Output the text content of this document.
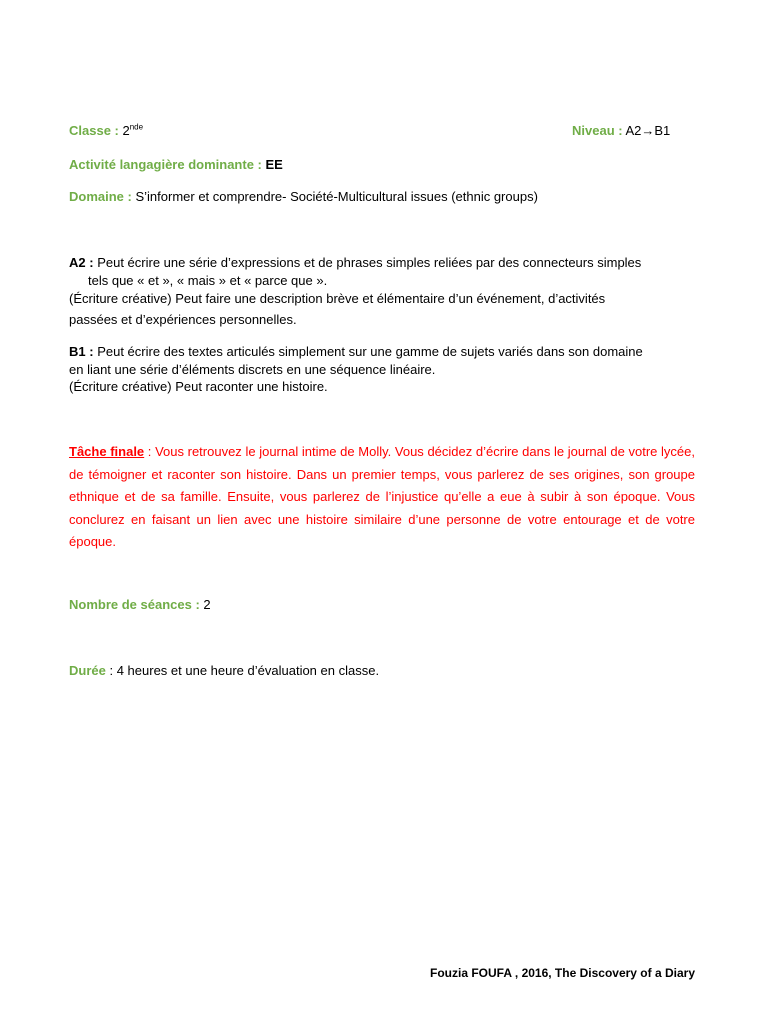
Classe : 2nde	Niveau : A2→B1
Activité langagière dominante : EE
Domaine : S’informer et comprendre- Société-Multicultural issues (ethnic groups)
A2 : Peut écrire une série d’expressions et de phrases simples reliées par des connecteurs simples
tels que « et », « mais » et « parce que ».
(Écriture créative) Peut faire une description brève et élémentaire d’un événement, d’activités
passées et d’expériences personnelles.
B1 : Peut écrire des textes articulés simplement sur une gamme de sujets variés dans son domaine
en liant une série d’éléments discrets en une séquence linéaire.
(Écriture créative) Peut raconter une histoire.
Tâche finale : Vous retrouvez le journal intime de Molly. Vous décidez d’écrire dans le journal de votre lycée, de témoigner et raconter son histoire. Dans un premier temps, vous parlerez de ses origines, son groupe ethnique et de sa famille. Ensuite, vous parlerez de l’injustice qu’elle a eue à subir à son époque. Vous conclurez en faisant un lien avec une histoire similaire d’une personne de votre entourage et de votre époque.
Nombre de séances : 2
Durée : 4 heures et une heure d’évaluation en classe.
Fouzia FOUFA , 2016, The Discovery of a Diary
